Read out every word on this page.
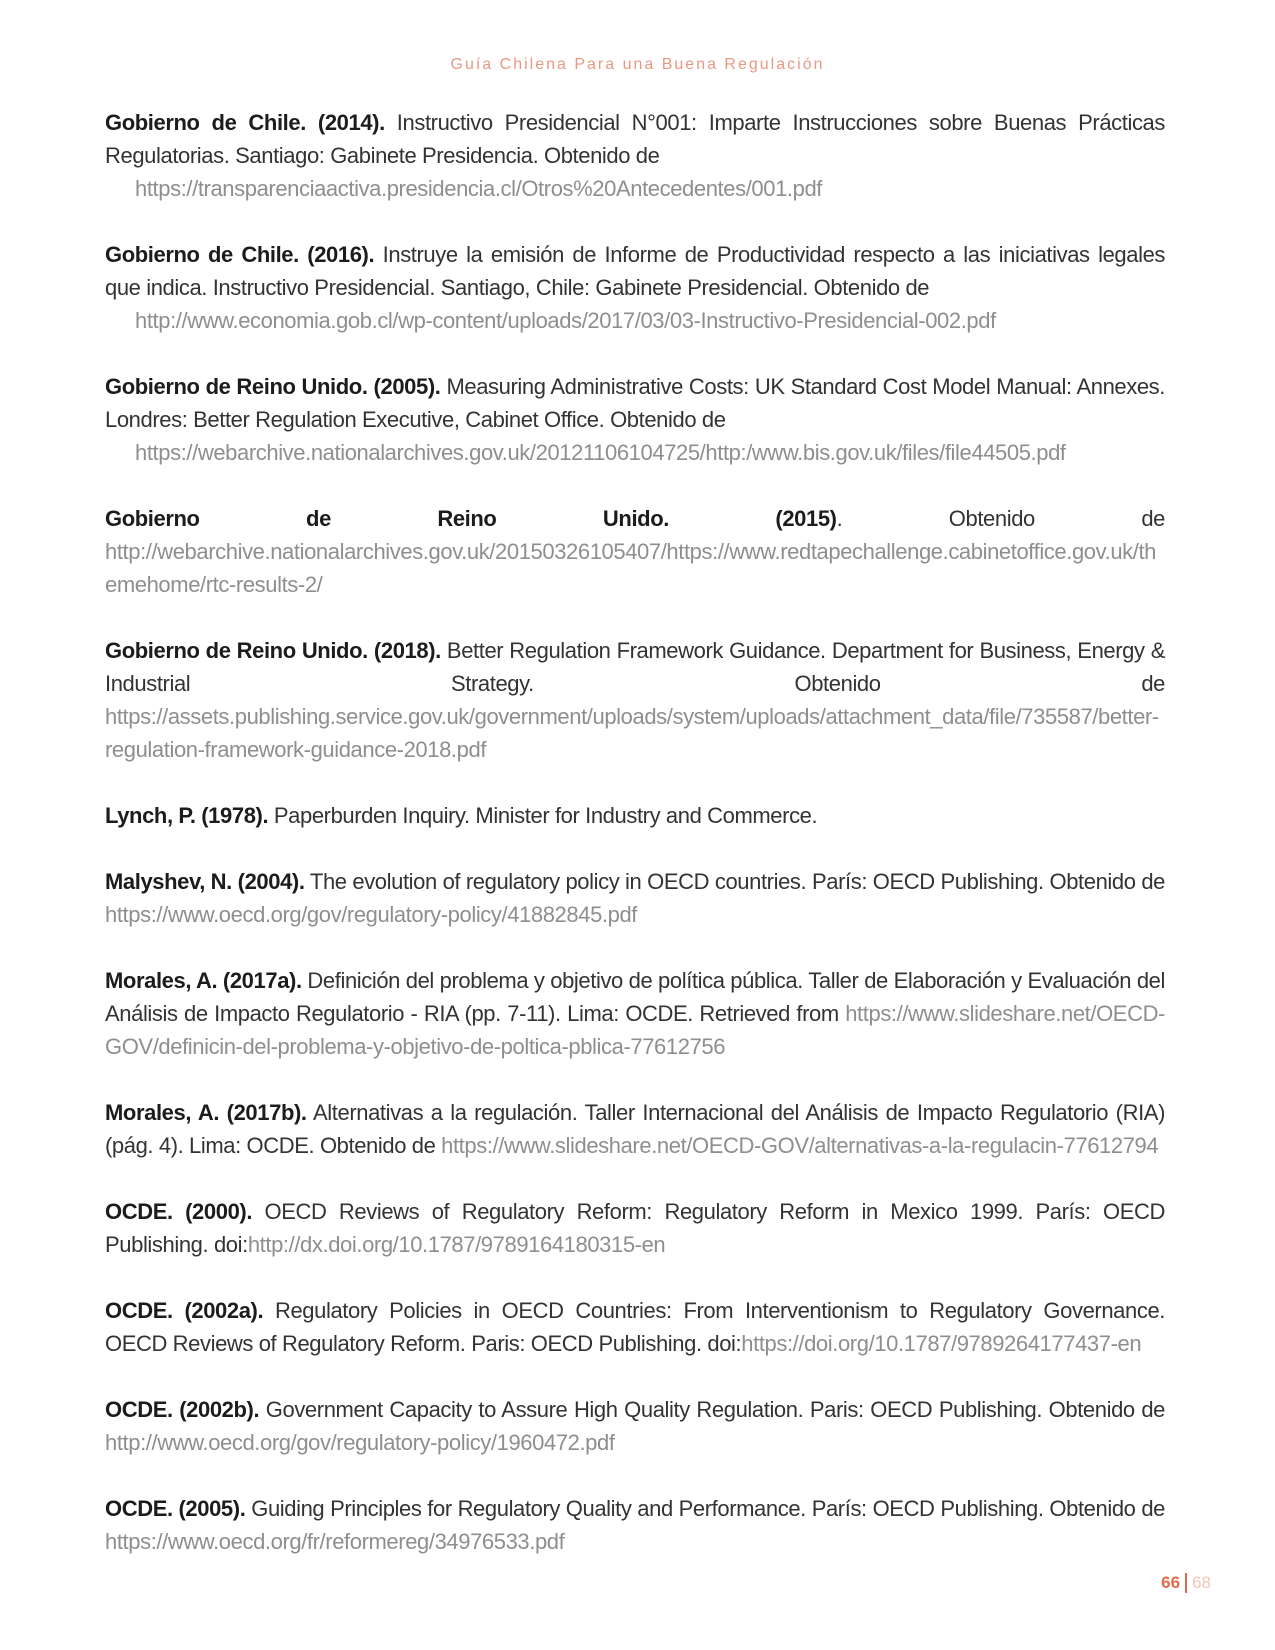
Guía Chilena Para una Buena Regulación

Gobierno de Chile. (2014). Instructivo Presidencial N°001: Imparte Instrucciones sobre Buenas Prácticas Regulatorias. Santiago: Gabinete Presidencia. Obtenido de
https://transparenciaactiva.presidencia.cl/Otros%20Antecedentes/001.pdf

Gobierno de Chile. (2016). Instruye la emisión de Informe de Productividad respecto a las iniciativas legales que indica. Instructivo Presidencial. Santiago, Chile: Gabinete Presidencial. Obtenido de
http://www.economia.gob.cl/wp-content/uploads/2017/03/03-Instructivo-Presidencial-002.pdf

Gobierno de Reino Unido. (2005). Measuring Administrative Costs: UK Standard Cost Model Manual: Annexes. Londres: Better Regulation Executive, Cabinet Office. Obtenido de
https://webarchive.nationalarchives.gov.uk/20121106104725/http:/www.bis.gov.uk/files/file44505.pdf

Gobierno de Reino Unido. (2015). Obtenido de http://webarchive.nationalarchives.gov.uk/20150326105407/https://www.redtapechallenge.cabinetoffice.gov.uk/themehome/rtc-results-2/

Gobierno de Reino Unido. (2018). Better Regulation Framework Guidance. Department for Business, Energy & Industrial Strategy. Obtenido de https://assets.publishing.service.gov.uk/government/uploads/system/uploads/attachment_data/file/735587/better-regulation-framework-guidance-2018.pdf

Lynch, P. (1978). Paperburden Inquiry. Minister for Industry and Commerce.

Malyshev, N. (2004). The evolution of regulatory policy in OECD countries. París: OECD Publishing. Obtenido de https://www.oecd.org/gov/regulatory-policy/41882845.pdf

Morales, A. (2017a). Definición del problema y objetivo de política pública. Taller de Elaboración y Evaluación del Análisis de Impacto Regulatorio - RIA (pp. 7-11). Lima: OCDE. Retrieved from https://www.slideshare.net/OECD-GOV/definicin-del-problema-y-objetivo-de-poltica-pblica-77612756

Morales, A. (2017b). Alternativas a la regulación. Taller Internacional del Análisis de Impacto Regulatorio (RIA) (pág. 4). Lima: OCDE. Obtenido de https://www.slideshare.net/OECD-GOV/alternativas-a-la-regulacin-77612794

OCDE. (2000). OECD Reviews of Regulatory Reform: Regulatory Reform in Mexico 1999. París: OECD Publishing. doi:http://dx.doi.org/10.1787/9789164180315-en

OCDE. (2002a). Regulatory Policies in OECD Countries: From Interventionism to Regulatory Governance. OECD Reviews of Regulatory Reform. Paris: OECD Publishing. doi:https://doi.org/10.1787/9789264177437-en

OCDE. (2002b). Government Capacity to Assure High Quality Regulation. Paris: OECD Publishing. Obtenido de http://www.oecd.org/gov/regulatory-policy/1960472.pdf

OCDE. (2005). Guiding Principles for Regulatory Quality and Performance. París: OECD Publishing. Obtenido de https://www.oecd.org/fr/reformereg/34976533.pdf

66 68
